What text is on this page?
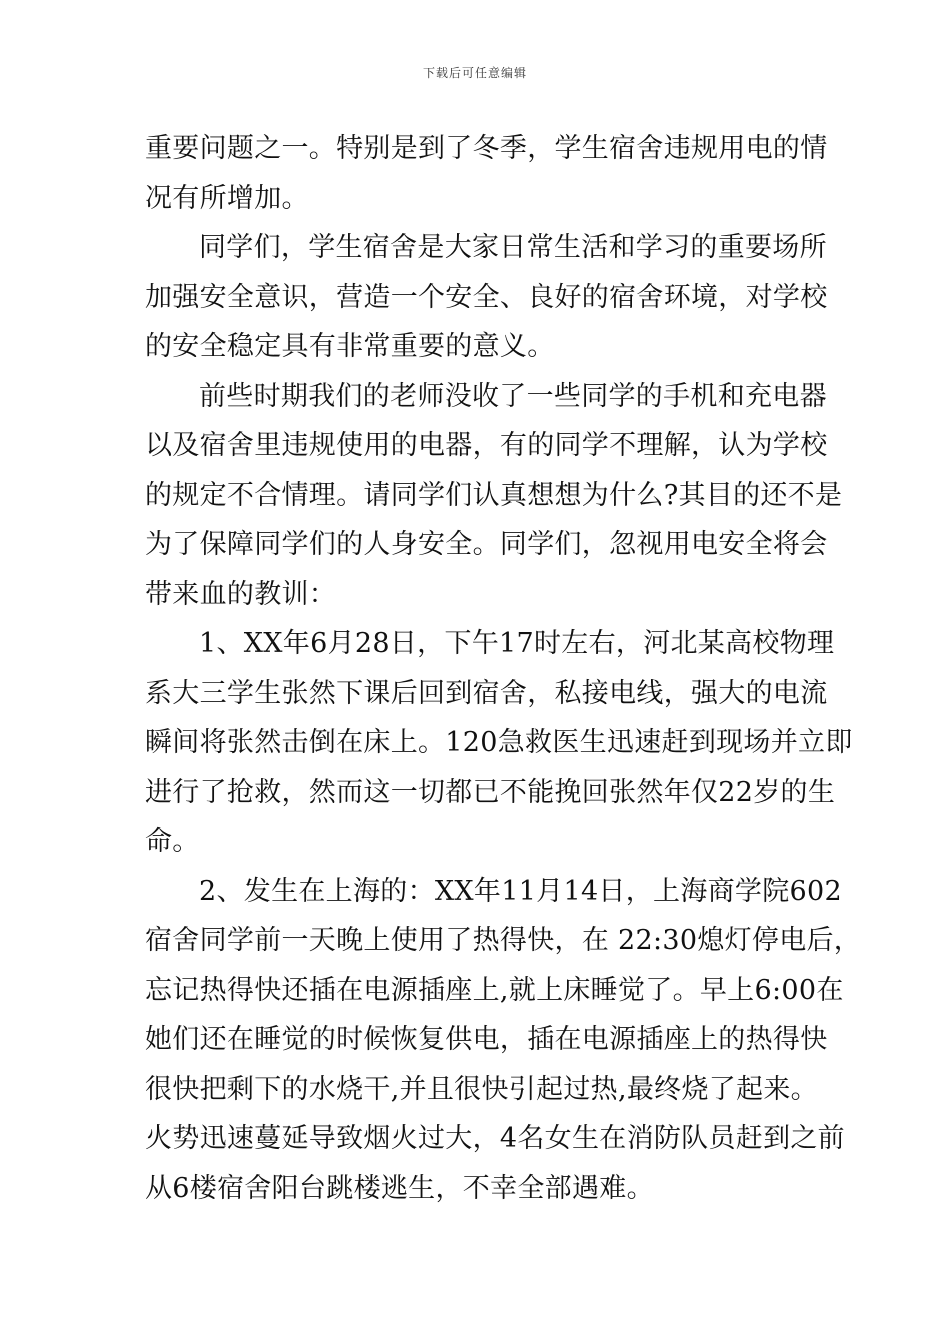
下载后可任意编辑
重要问题之一。特别是到了冬季，学生宿舍违规用电的情
况有所增加。
同学们，学生宿舍是大家日常生活和学习的重要场所
加强安全意识，营造一个安全、良好的宿舍环境，对学校
的安全稳定具有非常重要的意义。
前些时期我们的老师没收了一些同学的手机和充电器
以及宿舍里违规使用的电器，有的同学不理解，认为学校
的规定不合情理。请同学们认真想想为什么?其目的还不是
为了保障同学们的人身安全。同学们，忽视用电安全将会
带来血的教训：
1、XX年6月28日，下午17时左右，河北某高校物理
系大三学生张然下课后回到宿舍，私接电线，强大的电流
瞬间将张然击倒在床上。120急救医生迅速赶到现场并立即
进行了抢救，然而这一切都已不能挽回张然年仅22岁的生
命。
2、发生在上海的：XX年11月14日，上海商学院602
宿舍同学前一天晚上使用了热得快，在 22:30熄灯停电后，
忘记热得快还插在电源插座上,就上床睡觉了。早上6:00在
她们还在睡觉的时候恢复供电，插在电源插座上的热得快
很快把剩下的水烧干,并且很快引起过热,最终烧了起来。
火势迅速蔓延导致烟火过大，4名女生在消防队员赶到之前
从6楼宿舍阳台跳楼逃生，不幸全部遇难。
